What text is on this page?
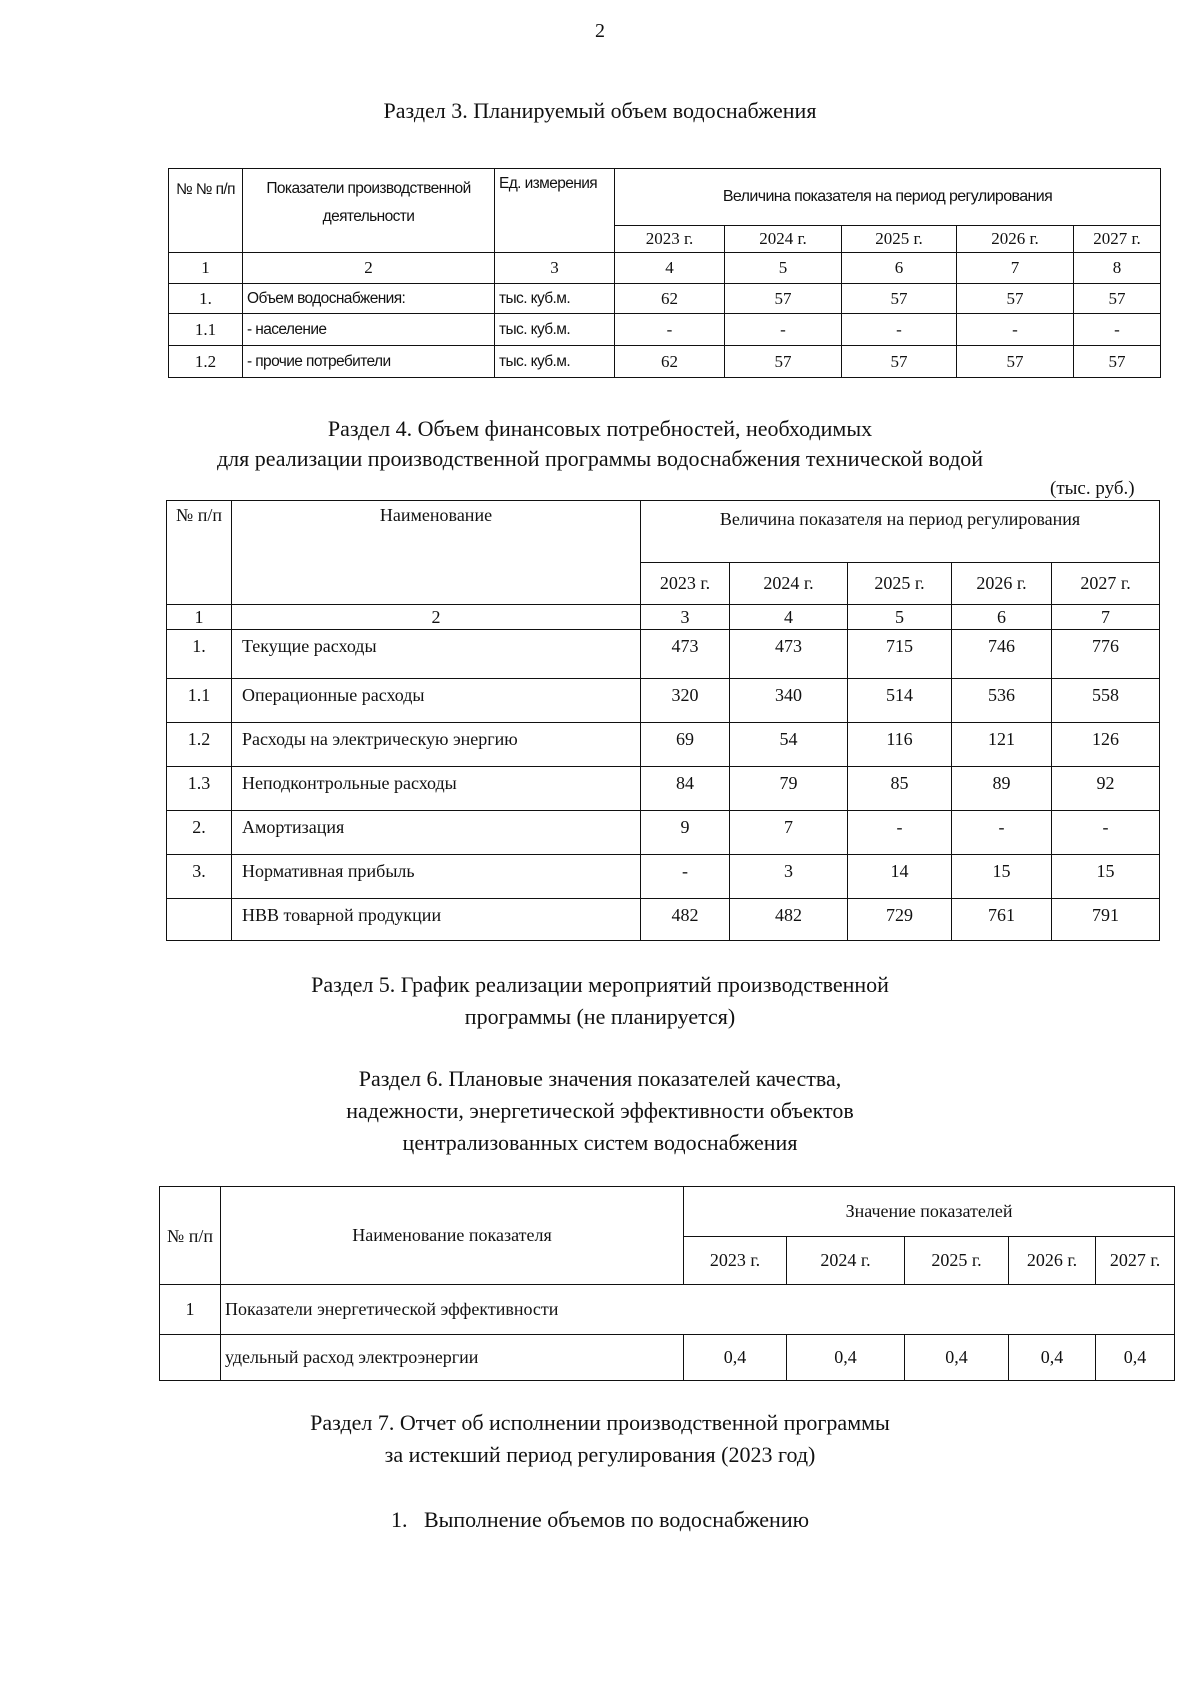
2
Раздел 3. Планируемый объем водоснабжения
№ № п/п	Показатели производственной деятельности	Ед. измерения	Величина показателя на период регулирования				
			2023 г.	2024 г.	2025 г.	2026 г.	2027 г.
1	2	3	4	5	6	7	8
1.	Объем водоснабжения:	тыс. куб.м.	62	57	57	57	57
1.1	- население	тыс. куб.м.	-	-	-	-	-
1.2	- прочие потребители	тыс. куб.м.	62	57	57	57	57
Раздел 4. Объем финансовых потребностей, необходимых
для реализации производственной программы водоснабжения технической водой
(тыс. руб.)
№ п/п	Наименование	Величина показателя на период регулирования				
		2023 г.	2024 г.	2025 г.	2026 г.	2027 г.
1	2	3	4	5	6	7
1.	Текущие расходы	473	473	715	746	776
1.1	Операционные расходы	320	340	514	536	558
1.2	Расходы на электрическую энергию	69	54	116	121	126
1.3	Неподконтрольные расходы	84	79	85	89	92
2.	Амортизация	9	7	-	-	-
3.	Нормативная прибыль	-	3	14	15	15
	НВВ товарной продукции	482	482	729	761	791
Раздел 5. График реализации мероприятий производственной
программы (не планируется)
Раздел 6. Плановые значения показателей качества,
надежности, энергетической эффективности объектов
централизованных систем водоснабжения
№ п/п	Наименование показателя	Значение показателей				
		2023 г.	2024 г.	2025 г.	2026 г.	2027 г.
1	Показатели энергетической эффективности					
	удельный расход электроэнергии	0,4	0,4	0,4	0,4	0,4
Раздел 7. Отчет об исполнении производственной программы
за истекший период регулирования (2023 год)
1.   Выполнение объемов по водоснабжению
